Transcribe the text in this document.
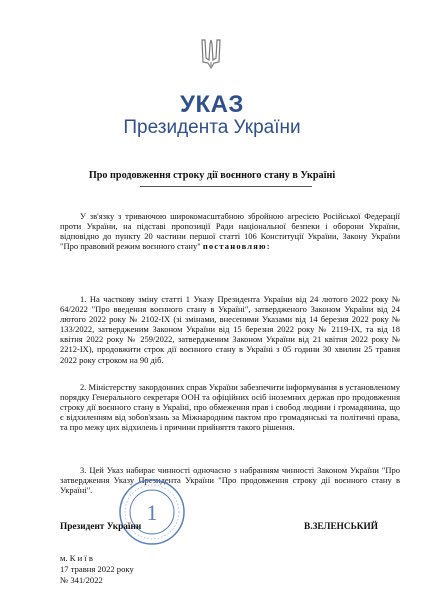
УКАЗ
Президента України
Про продовження строку дії воєнного стану в Україні
У зв'язку з триваючою широкомасштабною збройною агресією Російської Федерації проти України, на підставі пропозиції Ради національної безпеки і оборони України, відповідно до пункту 20 частини першої статті 106 Конституції України, Закону України "Про правовий режим воєнного стану" постановляю:
1. На часткову зміну статті 1 Указу Президента України від 24 лютого 2022 року № 64/2022 "Про введення воєнного стану в Україні", затвердженого Законом України від 24 лютого 2022 року № 2102-IX (зі змінами, внесеними Указами від 14 березня 2022 року № 133/2022, затвердженим Законом України від 15 березня 2022 року № 2119-IX, та від 18 квітня 2022 року № 259/2022, затвердженим Законом України від 21 квітня 2022 року № 2212-IX), продовжити строк дії воєнного стану в Україні з 05 години 30 хвилин 25 травня 2022 року строком на 90 діб.
2. Міністерству закордонних справ України забезпечити інформування в установленому порядку Генерального секретаря ООН та офіційних осіб іноземних держав про продовження строку дії воєнного стану в Україні, про обмеження прав і свобод людини і громадянина, що є відхиленням від зобов'язань за Міжнародним пактом про громадянські та політичні права, та про межу цих відхилень і причини прийняття такого рішення.
3. Цей Указ набирає чинності одночасно з набранням чинності Законом України "Про затвердження Указу Президента України "Про продовження строку дії воєнного стану в Україні".
1
Президент України	В.ЗЕЛЕНСЬКИЙ
м. К и ї в
17 травня 2022 року
№ 341/2022
